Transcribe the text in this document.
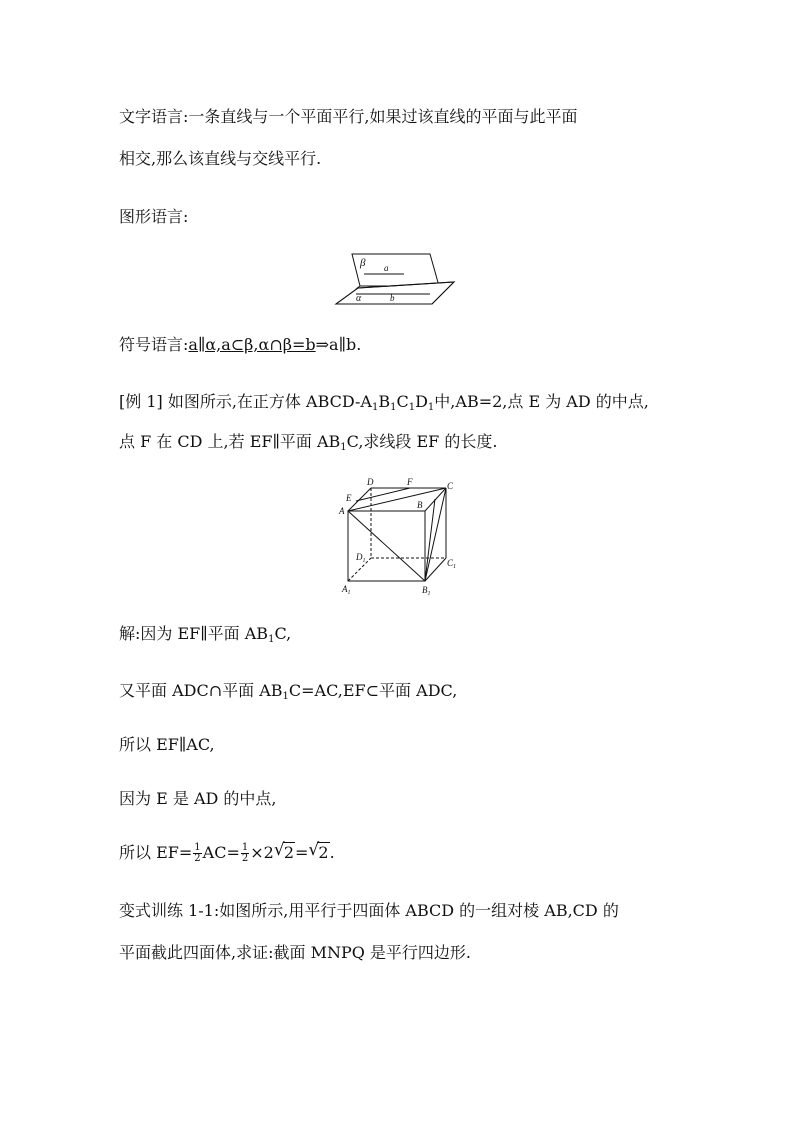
文字语言:一条直线与一个平面平行,如果过该直线的平面与此平面
相交,那么该直线与交线平行.
图形语言:
β a
α	b
符号语言:a∥α,a⊂β,α∩β=b⇒a∥b.
[例 1] 如图所示,在正方体 ABCD-$A_1B_1C_1D_1$中,AB=2,点 E 为 AD 的中点,
点 F 在 CD 上,若 EF∥平面 $AB_1C$,求线段 EF 的长度.
D	F	C
E
B
A
$D_1$	$C_1$
$A_1$	$B_1$
解:因为 EF∥平面 $AB_1C$,
又平面 ADC∩平面 $AB_1C=AC,EF\subset$平面 ADC,
所以 EF∥AC,
因为 E 是 AD 的中点,
所以 $EF= \frac{1}{2} AC= \frac{1}{2} \times 2$ √ 2= √ 2.
变式训练 1-1:如图所示,用平行于四面体 ABCD 的一组对棱 AB,CD 的
平面截此四面体,求证:截面 MNPQ 是平行四边形.
